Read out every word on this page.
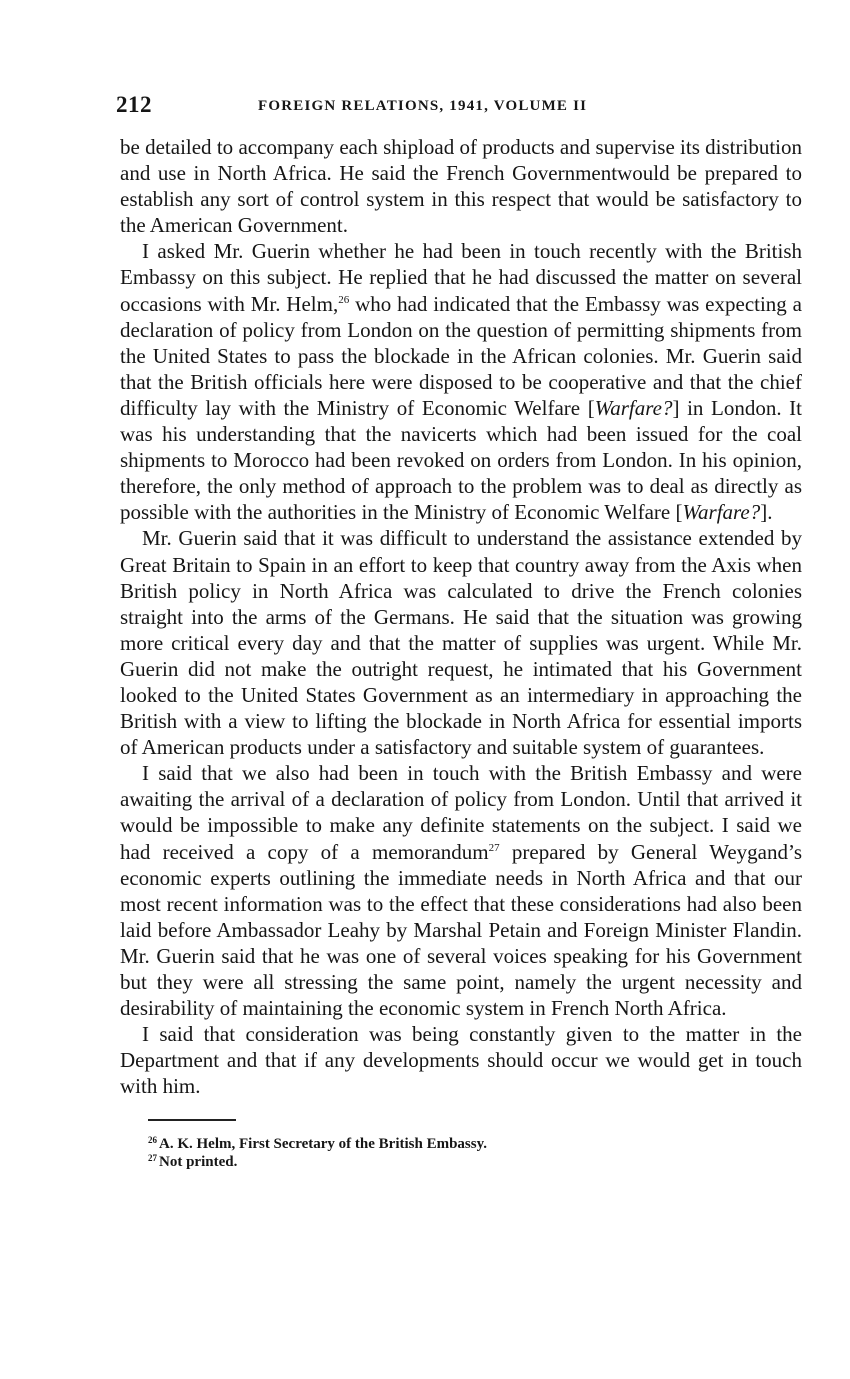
212	FOREIGN RELATIONS, 1941, VOLUME II

be detailed to accompany each shipload of products and supervise its distribution and use in North Africa. He said the French Governmentwould be prepared to establish any sort of control system in this respect that would be satisfactory to the American Government.

I asked Mr. Guerin whether he had been in touch recently with the British Embassy on this subject. He replied that he had discussed the matter on several occasions with Mr. Helm,$^{26}$ who had indicated that the Embassy was expecting a declaration of policy from London on the question of permitting shipments from the United States to pass the blockade in the African colonies. Mr. Guerin said that the British officials here were disposed to be cooperative and that the chief difficulty lay with the Ministry of Economic Welfare [Warfare?] in London. It was his understanding that the navicerts which had been issued for the coal shipments to Morocco had been revoked on orders from London. In his opinion, therefore, the only method of approach to the problem was to deal as directly as possible with the authorities in the Ministry of Economic Welfare [Warfare?].

Mr. Guerin said that it was difficult to understand the assistance extended by Great Britain to Spain in an effort to keep that country away from the Axis when British policy in North Africa was calculated to drive the French colonies straight into the arms of the Germans. He said that the situation was growing more critical every day and that the matter of supplies was urgent. While Mr. Guerin did not make the outright request, he intimated that his Government looked to the United States Government as an intermediary in approaching the British with a view to lifting the blockade in North Africa for essential imports of American products under a satisfactory and suitable system of guarantees.

I said that we also had been in touch with the British Embassy and were awaiting the arrival of a declaration of policy from London. Until that arrived it would be impossible to make any definite statements on the subject. I said we had received a copy of a memorandum$^{27}$ prepared by General Weygand’s economic experts outlining the immediate needs in North Africa and that our most recent information was to the effect that these considerations had also been laid before Ambassador Leahy by Marshal Petain and Foreign Minister Flandin. Mr. Guerin said that he was one of several voices speaking for his Government but they were all stressing the same point, namely the urgent necessity and desirability of maintaining the economic system in French North Africa.

I said that consideration was being constantly given to the matter in the Department and that if any developments should occur we would get in touch with him.

$^{26}$ A. K. Helm, First Secretary of the British Embassy.
$^{27}$ Not printed.
